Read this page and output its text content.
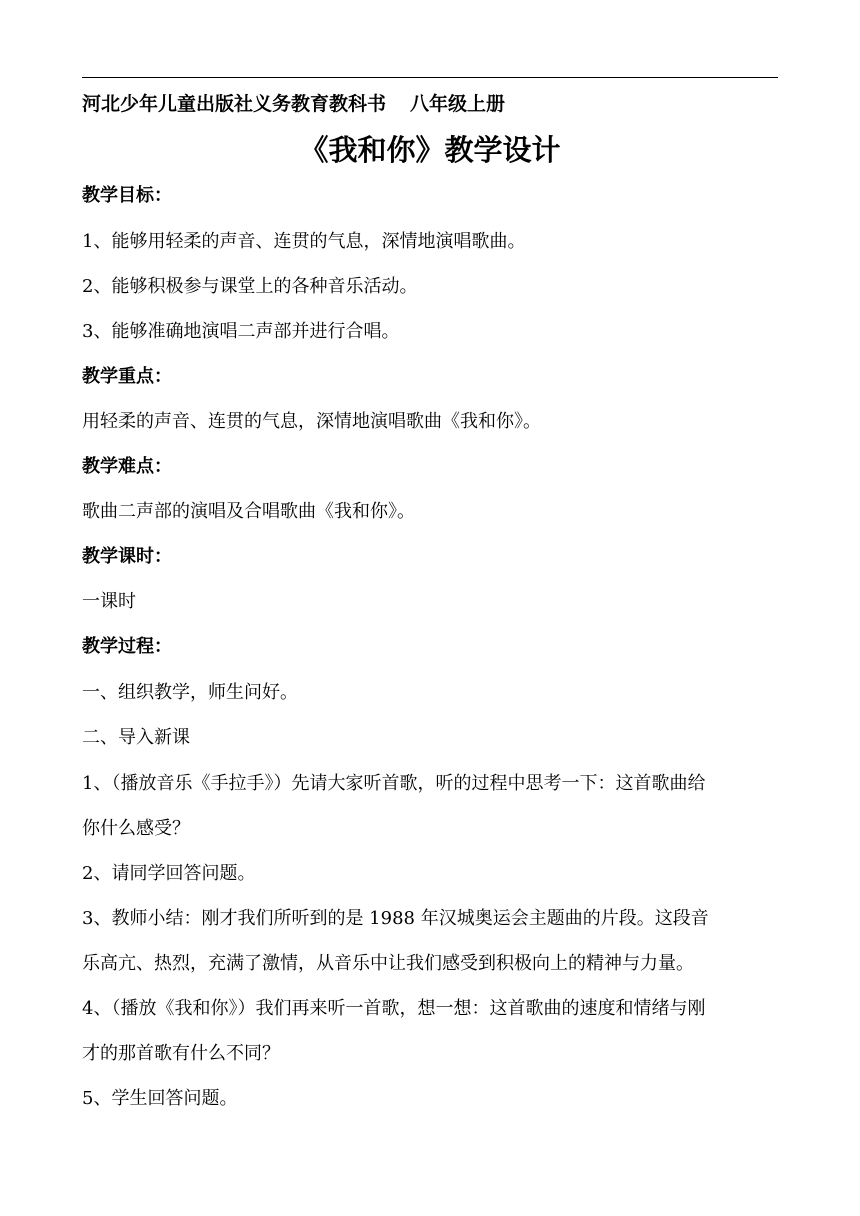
河北少年儿童出版社义务教育教科书 八年级上册
《我和你》教学设计
教学目标：
1、能够用轻柔的声音、连贯的气息，深情地演唱歌曲。
2、能够积极参与课堂上的各种音乐活动。
3、能够准确地演唱二声部并进行合唱。
教学重点：
用轻柔的声音、连贯的气息，深情地演唱歌曲《我和你》。
教学难点：
歌曲二声部的演唱及合唱歌曲《我和你》。
教学课时：
一课时
教学过程：
一、组织教学，师生问好。
二、导入新课
1、（播放音乐《手拉手》）先请大家听首歌，听的过程中思考一下：这首歌曲给
你什么感受？
2、请同学回答问题。
3、教师小结：刚才我们所听到的是 1988 年汉城奥运会主题曲的片段。这段音
乐高亢、热烈，充满了激情，从音乐中让我们感受到积极向上的精神与力量。
4、（播放《我和你》）我们再来听一首歌，想一想：这首歌曲的速度和情绪与刚
才的那首歌有什么不同？
5、学生回答问题。
